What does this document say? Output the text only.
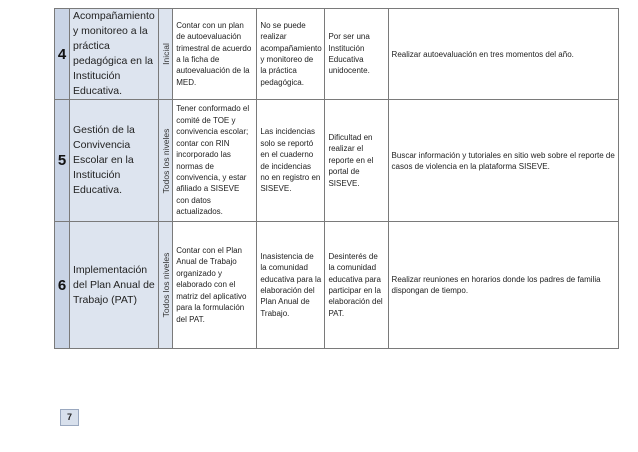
4	Acompañamiento y monitoreo a la práctica pedagógica en la Institución Educativa.	Inicial	Contar con un plan de autoevaluación trimestral de acuerdo a la ficha de autoevaluación de la MED.	No se puede realizar acompañamiento y monitoreo de la práctica pedagógica.	Por ser una Institución Educativa unidocente.	Realizar autoevaluación en tres momentos del año.
5	Gestión de la Convivencia Escolar en la Institución Educativa.	Todos los niveles	Tener conformado el comité de TOE y convivencia escolar; contar con RIN incorporado las normas de convivencia, y estar afiliado a SISEVE con datos actualizados.	Las incidencias solo se reportó en el cuaderno de incidencias no en registro en SISEVE.	Dificultad en realizar el reporte en el portal de SISEVE.	Buscar información y tutoriales en sitio web sobre el reporte de casos de violencia en la plataforma SISEVE.
6	Implementación del Plan Anual de Trabajo (PAT)	Todos los niveles	Contar con el Plan Anual de Trabajo organizado y elaborado con el matriz del aplicativo para la formulación del PAT.	Inasistencia de la comunidad educativa para la elaboración del Plan Anual de Trabajo.	Desinterés de la comunidad educativa para participar en la elaboración del PAT.	Realizar reuniones en horarios donde los padres de familia dispongan de tiempo.
7
